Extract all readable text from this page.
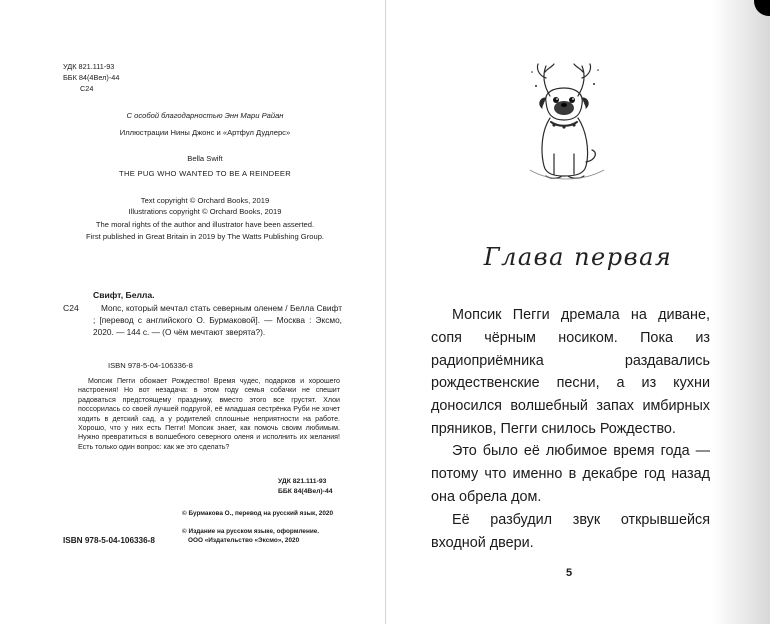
УДК 821.111-93
ББК 84(4Вел)-44
С24
С особой благодарностью Энн Мари Райан
Иллюстрации Нины Джонс и «Артфул Дудлерс»
Bella Swift
THE PUG WHO WANTED TO BE A REINDEER
Text copyright © Orchard Books, 2019
Illustrations copyright © Orchard Books, 2019
The moral rights of the author and illustrator have been asserted.
First published in Great Britain in 2019 by The Watts Publishing Group.
Свифт, Белла.
С24	Мопс, который мечтал стать северным оленем / Белла Свифт ; [перевод с английского О. Бурмаковой]. — Москва : Эксмо, 2020. — 144 с. — (О чём мечтают зверята?).
ISBN 978-5-04-106336-8
Мопсик Пегги обожает Рождество! Время чудес, подарков и хорошего настроения! Но вот незадача: в этом году семья собачки не спешит радоваться предстоящему празднику, вместо этого все грустят. Хлои поссорилась со своей лучшей подругой, её младшая сестрёнка Руби не хочет ходить в детский сад, а у родителей сплошные неприятности на работе. Хорошо, что у них есть Пегги! Мопсик знает, как помочь своим любимым. Нужно превратиться в волшебного северного оленя и исполнить их желания! Есть только один вопрос: как же это сделать?
УДК 821.111-93
ББК 84(4Вел)-44
© Бурмакова О., перевод на русский язык, 2020
© Издание на русском языке, оформление.
ООО «Издательство «Эксмо», 2020
ISBN 978-5-04-106336-8
Глава первая
Мопсик Пегги дремала на диване, сопя чёрным носиком. Пока из радиоприёмника раздавались рождественские песни, а из кухни доносился волшебный запах имбирных пряников, Пегги снилось Рождество.
Это было её любимое время года — потому что именно в декабре год назад она обрела дом.
Её разбудил звук открывшейся входной двери.
5
